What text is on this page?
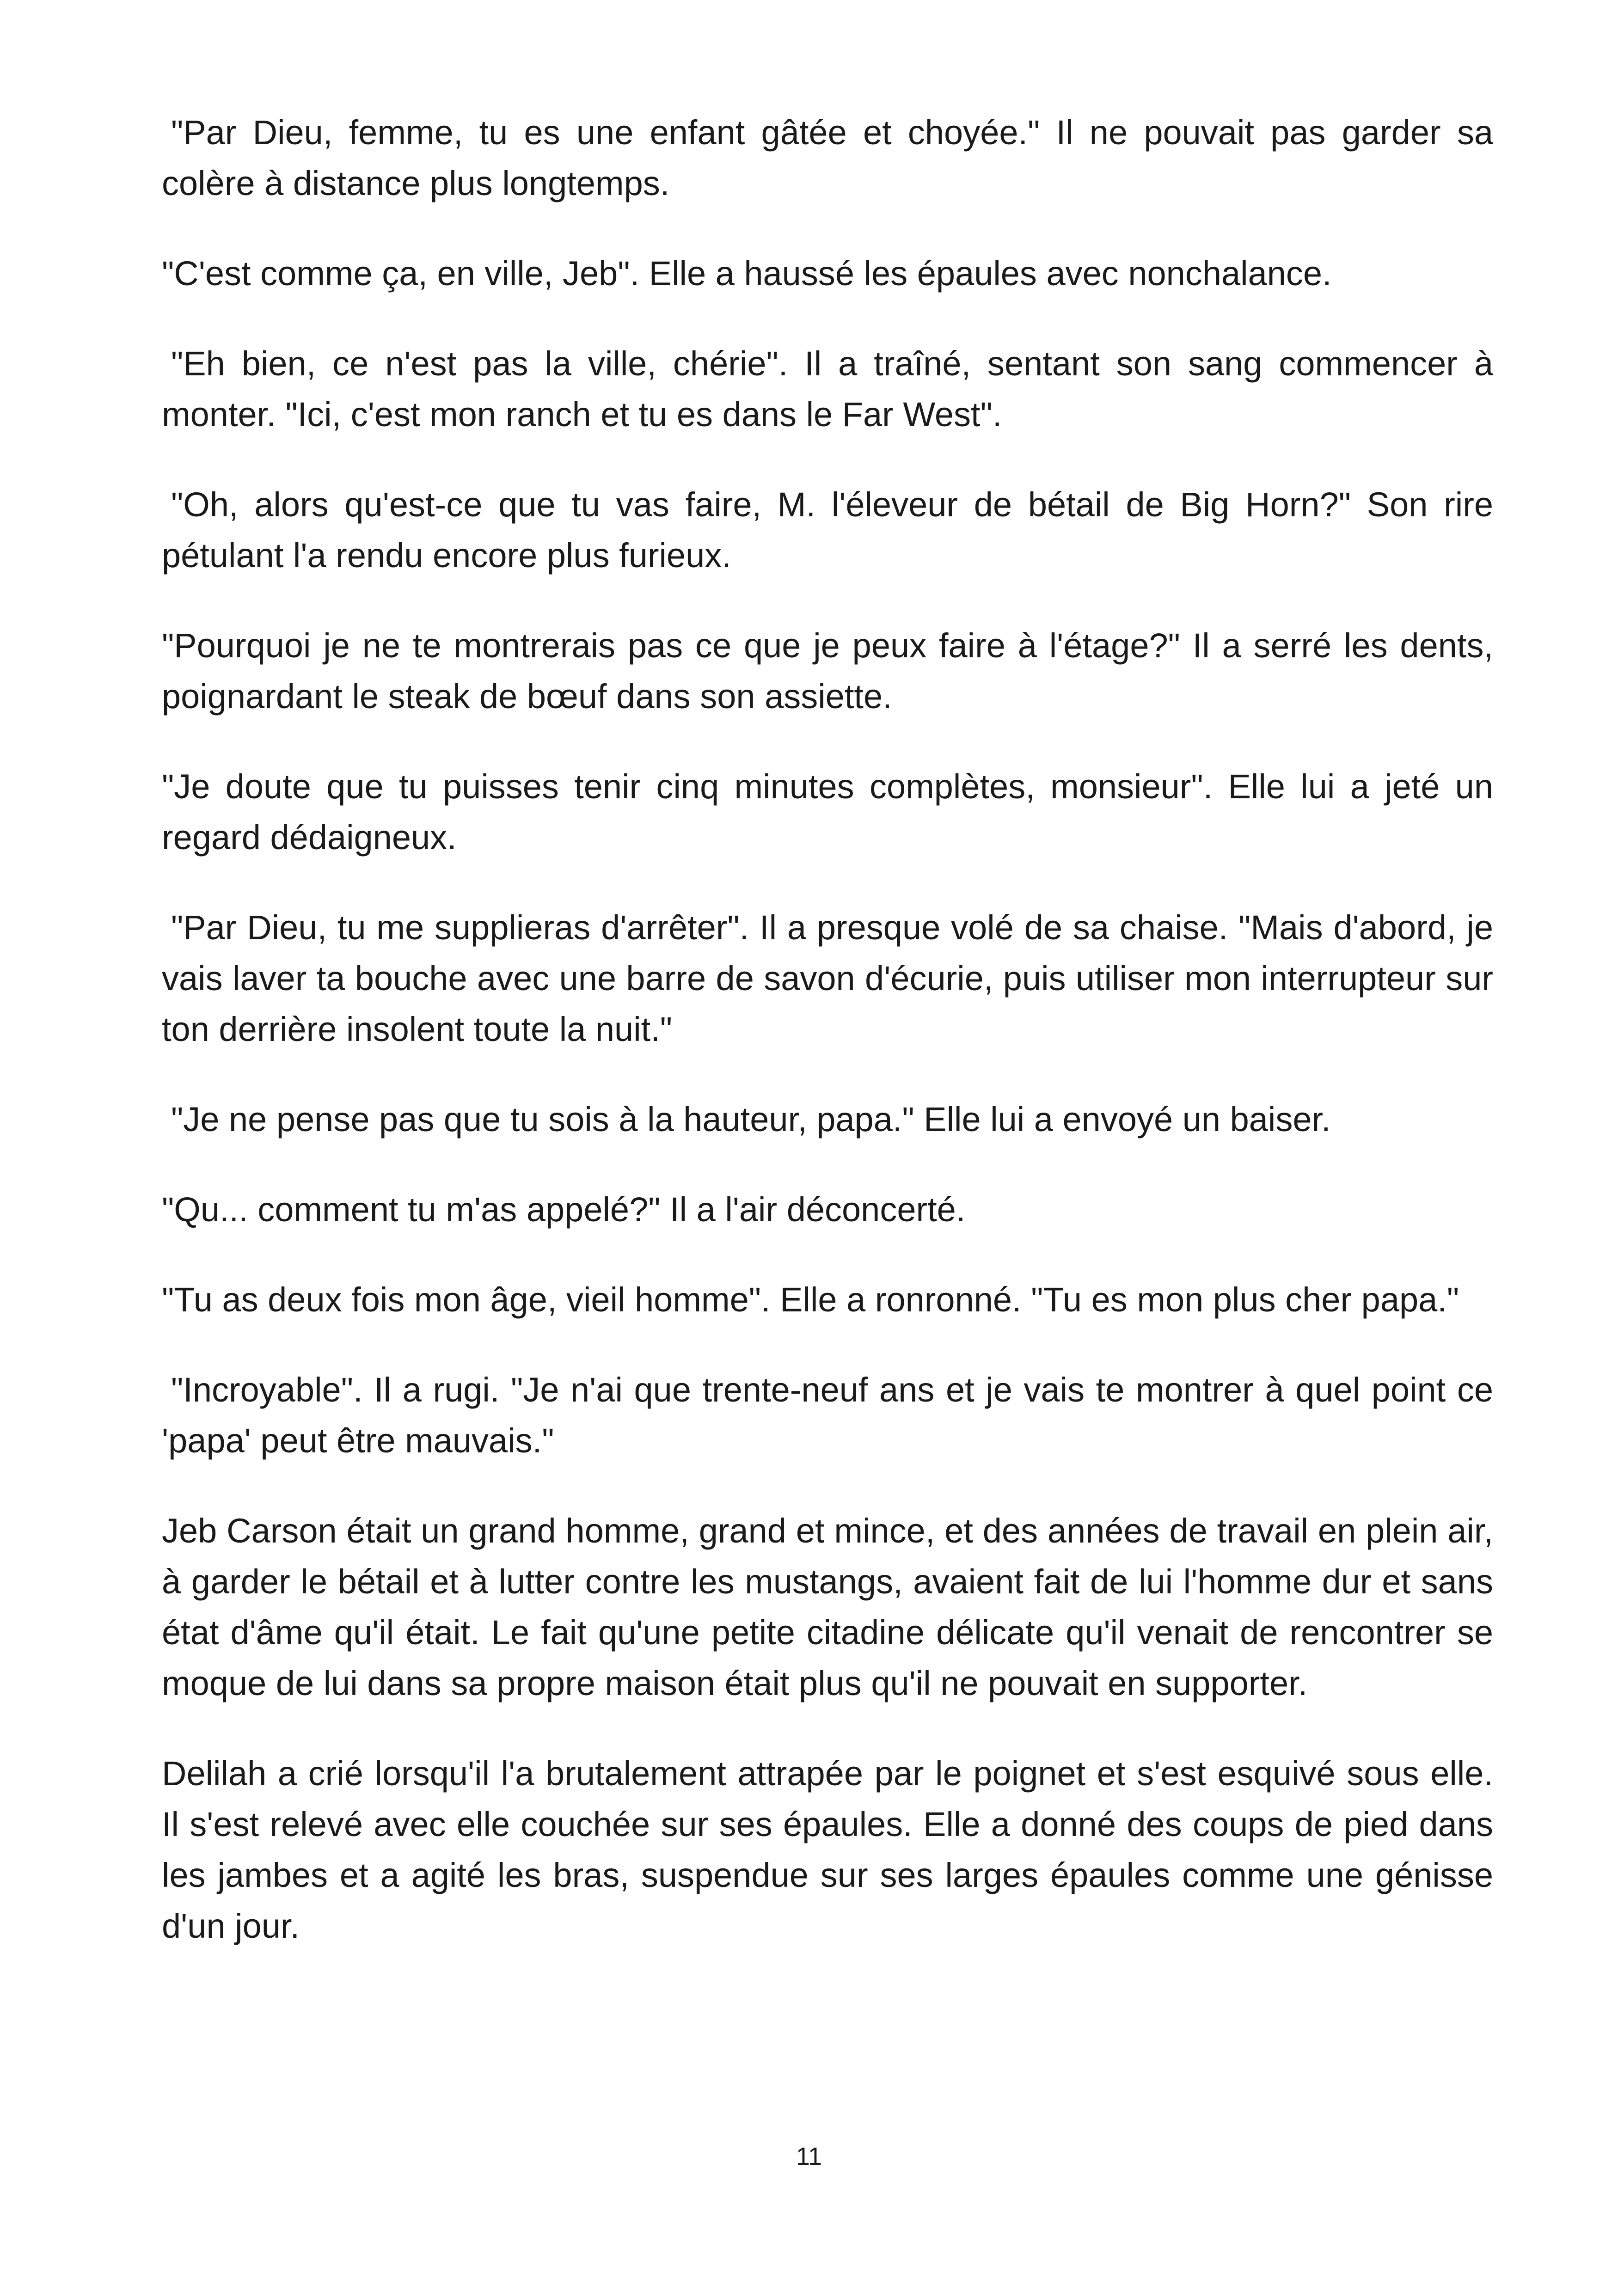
"Par Dieu, femme, tu es une enfant gâtée et choyée." Il ne pouvait pas garder sa colère à distance plus longtemps.

"C'est comme ça, en ville, Jeb". Elle a haussé les épaules avec nonchalance.

"Eh bien, ce n'est pas la ville, chérie". Il a traîné, sentant son sang commencer à monter. "Ici, c'est mon ranch et tu es dans le Far West".

"Oh, alors qu'est-ce que tu vas faire, M. l'éleveur de bétail de Big Horn?" Son rire pétulant l'a rendu encore plus furieux.

"Pourquoi je ne te montrerais pas ce que je peux faire à l'étage?" Il a serré les dents, poignardant le steak de bœuf dans son assiette.

"Je doute que tu puisses tenir cinq minutes complètes, monsieur". Elle lui a jeté un regard dédaigneux.

"Par Dieu, tu me supplieras d'arrêter". Il a presque volé de sa chaise. "Mais d'abord, je vais laver ta bouche avec une barre de savon d'écurie, puis utiliser mon interrupteur sur ton derrière insolent toute la nuit."

"Je ne pense pas que tu sois à la hauteur, papa." Elle lui a envoyé un baiser.

"Qu... comment tu m'as appelé?" Il a l'air déconcerté.

"Tu as deux fois mon âge, vieil homme". Elle a ronronné. "Tu es mon plus cher papa."

"Incroyable". Il a rugi. "Je n'ai que trente-neuf ans et je vais te montrer à quel point ce 'papa' peut être mauvais."

Jeb Carson était un grand homme, grand et mince, et des années de travail en plein air, à garder le bétail et à lutter contre les mustangs, avaient fait de lui l'homme dur et sans état d'âme qu'il était. Le fait qu'une petite citadine délicate qu'il venait de rencontrer se moque de lui dans sa propre maison était plus qu'il ne pouvait en supporter.

Delilah a crié lorsqu'il l'a brutalement attrapée par le poignet et s'est esquivé sous elle. Il s'est relevé avec elle couchée sur ses épaules. Elle a donné des coups de pied dans les jambes et a agité les bras, suspendue sur ses larges épaules comme une génisse d'un jour.

11
